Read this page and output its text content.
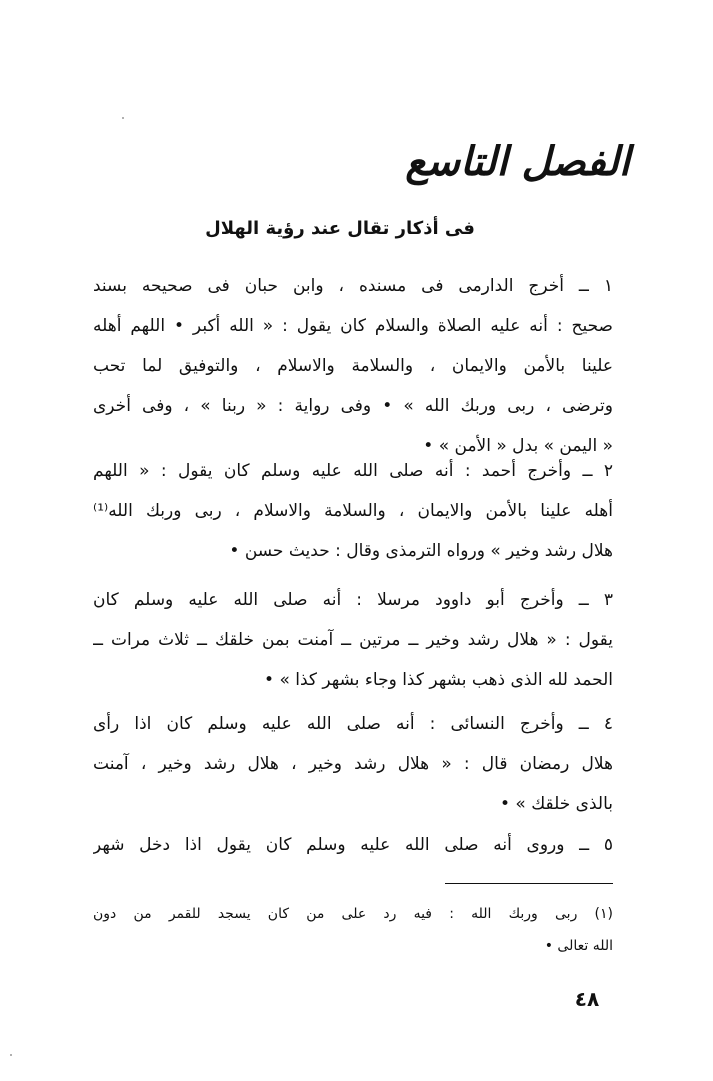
الفصل التاسع
فى أذكار تقال عند رؤية الهلال
١ ــ أخرج الدارمى فى مسنده ، وابن حبان فى صحيحه بسند
صحيح : أنه عليه الصلاة والسلام كان يقول : « الله أكبر • اللهم أهله
علينا بالأمن والايمان ، والسلامة والاسلام ، والتوفيق لما تحب
وترضى ، ربى وربك الله » • وفى رواية : « ربنا » ، وفى أخرى
« اليمن » بدل « الأمن » •
٢ ــ وأخرج أحمد : أنه صلى الله عليه وسلم كان يقول : « اللهم
أهله علينا بالأمن والايمان ، والسلامة والاسلام ، ربى وربك الله⁽¹⁾
هلال رشد وخير » ورواه الترمذى وقال : حديث حسن •
٣ ــ وأخرج أبو داوود مرسلا : أنه صلى الله عليه وسلم كان
يقول : « هلال رشد وخير ــ مرتين ــ آمنت بمن خلقك ــ ثلاث مرات ــ
الحمد لله الذى ذهب بشهر كذا وجاء بشهر كذا » •
٤ ــ وأخرج النسائى : أنه صلى الله عليه وسلم كان اذا رأى
هلال رمضان قال : « هلال رشد وخير ، هلال رشد وخير ، آمنت
بالذى خلقك » •
٥ ــ وروى أنه صلى الله عليه وسلم كان يقول اذا دخل شهر
(١) ربى وربك الله : فيه رد على من كان يسجد للقمر من دون
الله تعالى •
٤٨
